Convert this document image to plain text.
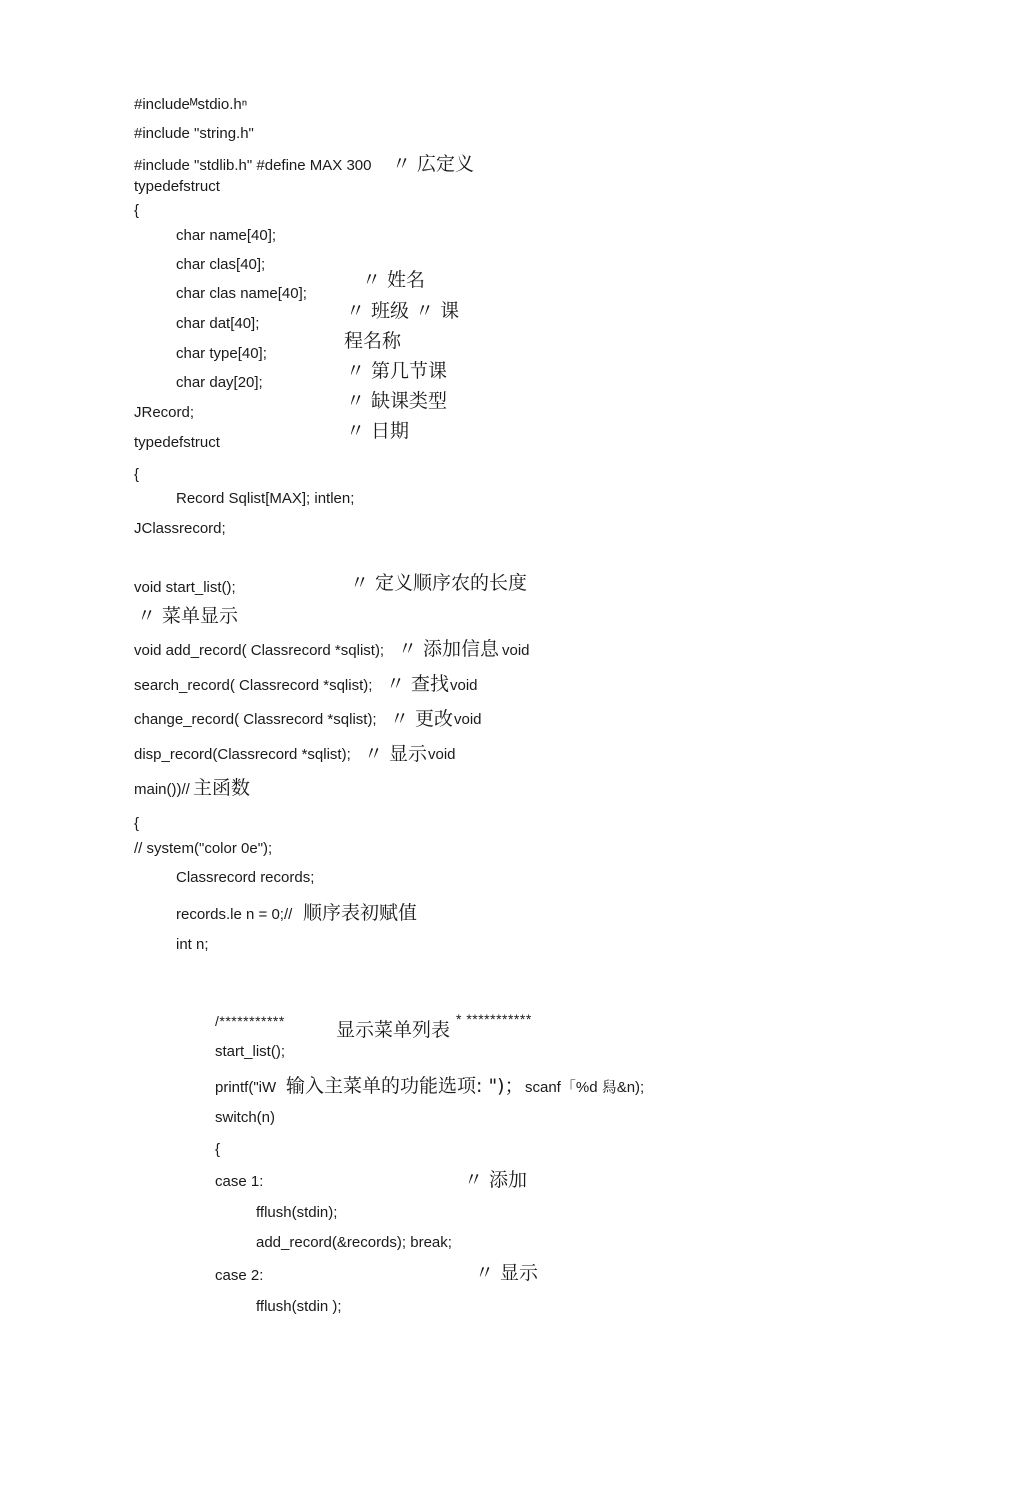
#includeᴹstdio.hⁿ
#include "string.h"
#include "stdlib.h" #define MAX 300 〃 広定义
typedefstruct
{
char name[40];
char clas[40];
char clas name[40];
char dat[40];
char type[40];
char day[20];
〃 姓名
〃 班级 〃 课
程名称
〃 第几节课
〃 缺课类型
〃 日期
JRecord;
typedefstruct
{
Record Sqlist[MAX]; intlen;
JClassrecord;
void start_list();	〃 定义顺序农的长度
〃 菜单显示
void add_record( Classrecord *sqlist); 〃 添加信息 void
search_record( Classrecord *sqlist); 〃 查找 void
change_record( Classrecord *sqlist); 〃 更改 void
disp_record(Classrecord *sqlist); 〃 显示 void
main())// 主函数
{
// system("color 0e");
Classrecord records;
records.le n = 0;// 顺序表初赋值
int n;
/***********	显示菜单列表 * ***********
start_list();
printf("iW 输入主菜单的功能选项: ")； scanf「%d 舄&n);
switch(n)
{
case 1:	〃 添加
fflush(stdin);
add_record(&records); break;
case 2:	〃 显示
fflush(stdin );
